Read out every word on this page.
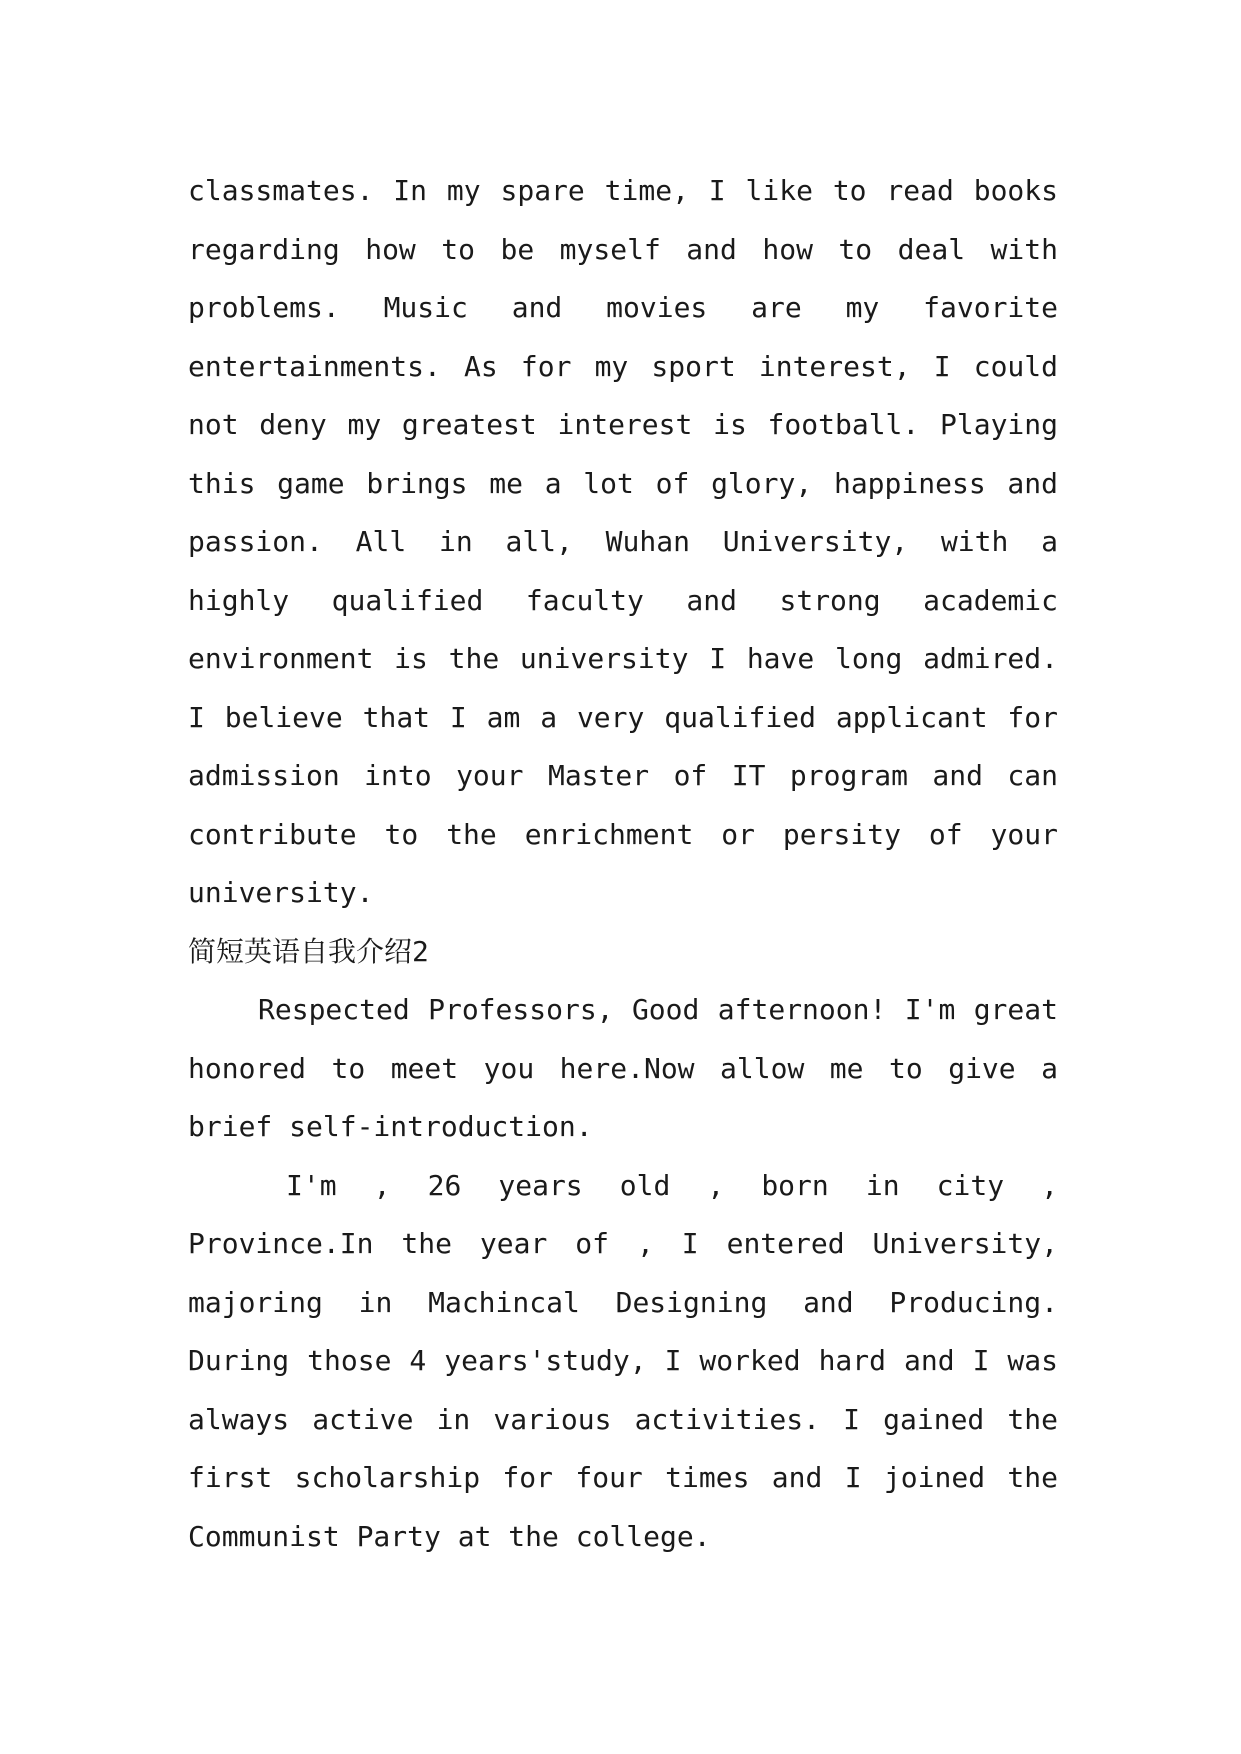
classmates. In my spare time, I like to read books
regarding how to be myself and how to deal with
problems. Music and movies are my favorite
entertainments. As for my sport interest, I could
not deny my greatest interest is football. Playing
this game brings me a lot of glory, happiness and
passion. All in all, Wuhan University, with a
highly qualified faculty and strong academic
environment is the university I have long admired.
I believe that I am a very qualified applicant for
admission into your Master of IT program and can
contribute to the enrichment or persity of your
university.
简短英语自我介绍2
Respected Professors, Good afternoon! I'm great
honored to meet you here.Now allow me to give a
brief self-introduction.
I'm , 26 years old , born in city ,
Province.In the year of , I entered University,
majoring in Machincal Designing and Producing.
During those 4 years'study, I worked hard and I was
always active in various activities. I gained the
first scholarship for four times and I joined the
Communist Party at the college.
